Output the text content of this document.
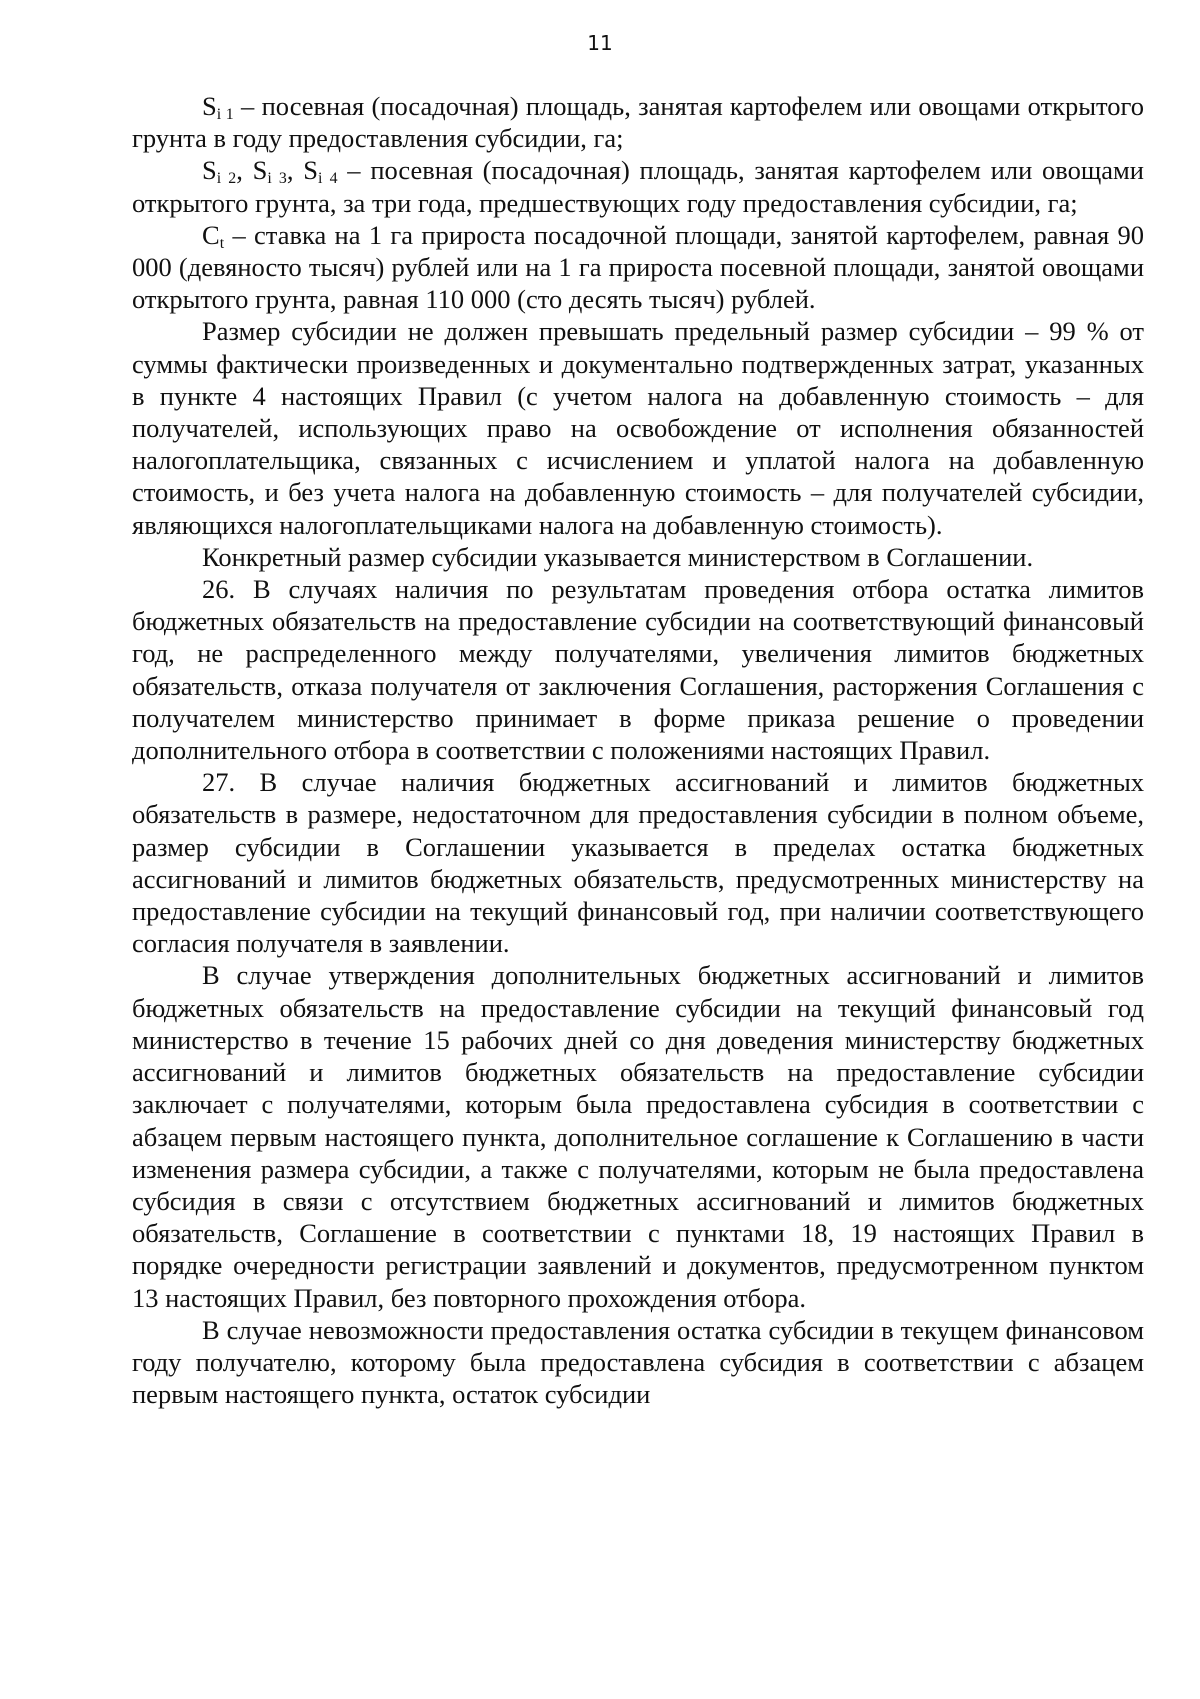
11

$S_{i 1}$ – посевная (посадочная) площадь, занятая картофелем или овощами открытого грунта в году предоставления субсидии, га;

$S_{i 2}$, $S_{i 3}$, $S_{i 4}$ – посевная (посадочная) площадь, занятая картофелем или овощами открытого грунта, за три года, предшествующих году предоставления субсидии, га;

$C_t$ – ставка на 1 га прироста посадочной площади, занятой картофелем, равная 90 000 (девяносто тысяч) рублей или на 1 га прироста посевной площади, занятой овощами открытого грунта, равная 110 000 (сто десять тысяч) рублей.

Размер субсидии не должен превышать предельный размер субсидии – 99 % от суммы фактически произведенных и документально подтвержденных затрат, указанных в пункте 4 настоящих Правил (с учетом налога на добавленную стоимость – для получателей, использующих право на освобождение от исполнения обязанностей налогоплательщика, связанных с исчислением и уплатой налога на добавленную стоимость, и без учета налога на добавленную стоимость – для получателей субсидии, являющихся налогоплательщиками налога на добавленную стоимость).

Конкретный размер субсидии указывается министерством в Соглашении.

26. В случаях наличия по результатам проведения отбора остатка лимитов бюджетных обязательств на предоставление субсидии на соответствующий финансовый год, не распределенного между получателями, увеличения лимитов бюджетных обязательств, отказа получателя от заключения Соглашения, расторжения Соглашения с получателем министерство принимает в форме приказа решение о проведении дополнительного отбора в соответствии с положениями настоящих Правил.

27. В случае наличия бюджетных ассигнований и лимитов бюджетных обязательств в размере, недостаточном для предоставления субсидии в полном объеме, размер субсидии в Соглашении указывается в пределах остатка бюджетных ассигнований и лимитов бюджетных обязательств, предусмотренных министерству на предоставление субсидии на текущий финансовый год, при наличии соответствующего согласия получателя в заявлении.

В случае утверждения дополнительных бюджетных ассигнований и лимитов бюджетных обязательств на предоставление субсидии на текущий финансовый год министерство в течение 15 рабочих дней со дня доведения министерству бюджетных ассигнований и лимитов бюджетных обязательств на предоставление субсидии заключает с получателями, которым была предоставлена субсидия в соответствии с абзацем первым настоящего пункта, дополнительное соглашение к Соглашению в части изменения размера субсидии, а также с получателями, которым не была предоставлена субсидия в связи с отсутствием бюджетных ассигнований и лимитов бюджетных обязательств, Соглашение в соответствии с пунктами 18, 19 настоящих Правил в порядке очередности регистрации заявлений и документов, предусмотренном пунктом 13 настоящих Правил, без повторного прохождения отбора.

В случае невозможности предоставления остатка субсидии в текущем финансовом году получателю, которому была предоставлена субсидия в соответствии с абзацем первым настоящего пункта, остаток субсидии
